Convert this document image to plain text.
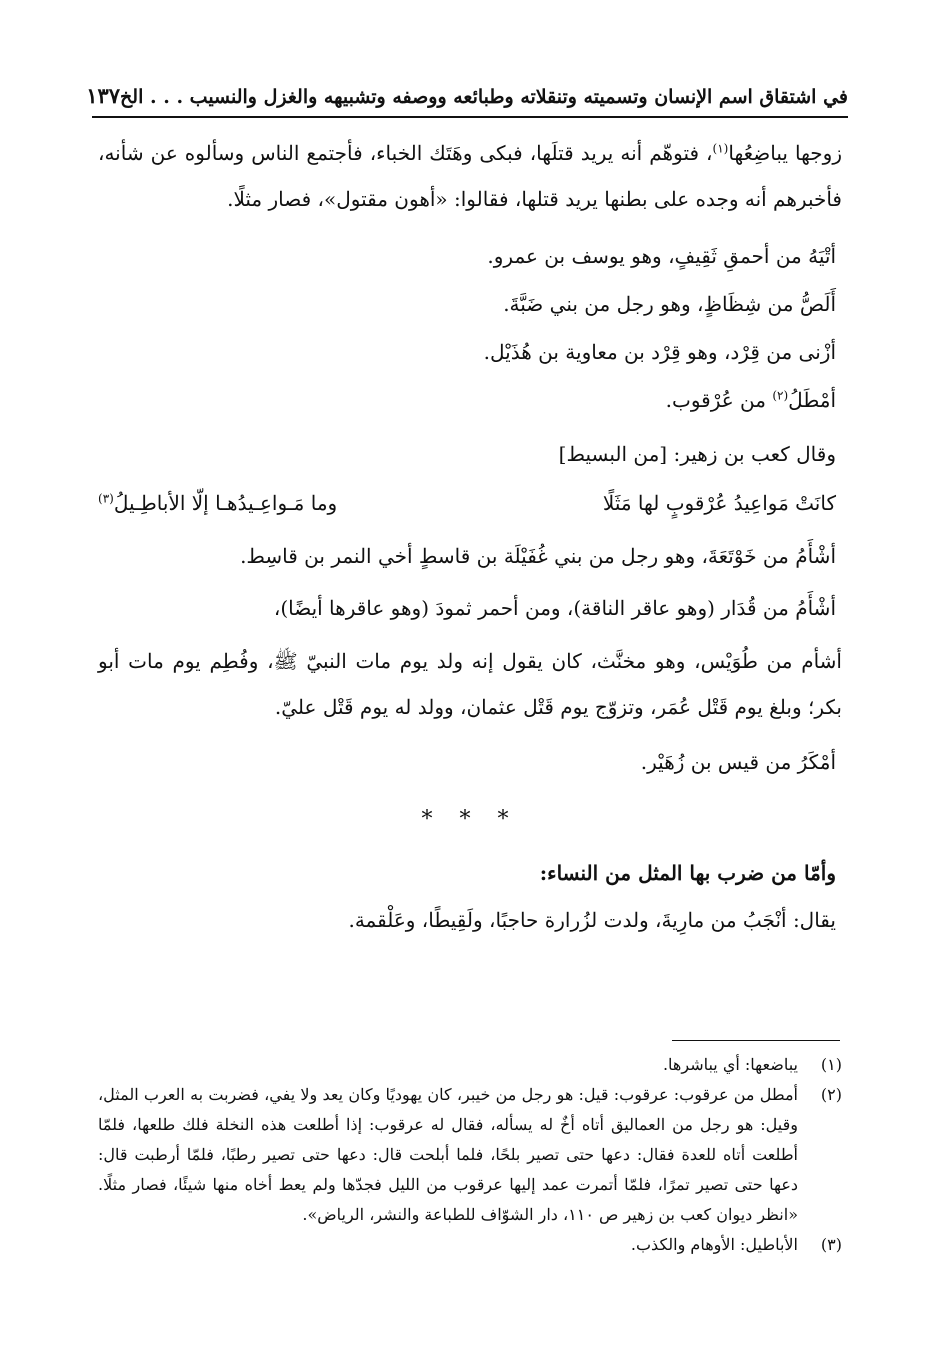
في اشتقاق اسم الإنسان وتسميته وتنقلاته وطبائعه ووصفه وتشبيهه والغزل والنسيب . . . الخ
١٣٧

زوجها يباضِعُها$^{(١)}$، فتوهّم أنه يريد قتلَها، فبكى وهَتَك الخباء، فأجتمع الناس وسألوه عن شأنه، فأخبرهم أنه وجده على بطنها يريد قتلها، فقالوا: «أهون مقتول»، فصار مثلًا.

أتْيَهُ من أحمقِ ثَقِيفٍ، وهو يوسف بن عمرو.

أَلَصُّ من شِظَاظٍ، وهو رجل من بني ضَبَّةَ.

أزْنى من قِرْد، وهو قِرْد بن معاوية بن هُذَيْل.

أمْطَلُ$^{(٢)}$ من عُرْقوب.

وقال كعب بن زهير: [من البسيط]

كانَتْ مَواعِيدُ عُرْقوبٍ لها مَثَلًا
وما مَـواعِـيدُهـا إلّا الأباطِـيلُ$^{(٣)}$

أشْأَمُ من خَوْتَعَةَ، وهو رجل من بني غُفَيْلَة بن قاسطٍ أخي النمر بن قاسِط.

أشْأَمُ من قُدَار (وهو عاقر الناقة)، ومن أحمر ثمودَ (وهو عاقرها أيضًا)،

أشأم من طُوَيْس، وهو مخنَّث، كان يقول إنه ولد يوم مات النبيّ ﷺ، وفُطِم يوم مات أبو بكر؛ وبلغ يوم قَتْل عُمَر، وتزوّج يوم قَتْل عثمان، وولد له يوم قَتْل عليّ.

أمْكَرُ من قيس بن زُهَيْر.

* * *
وأمّا من ضرب بها المثل من النساء:

يقال: أنْجَبُ من مارِيةَ، ولدت لزُرارة حاجبًا، ولَقِيطًا، وعَلْقمة.

(١)
يباضعها: أي يباشرها.
(٢)
أمطل من عرقوب: عرقوب: قيل: هو رجل من خيبر، كان يهوديًا وكان يعد ولا يفي، فضربت به العرب المثل، وقيل: هو رجل من العماليق أتاه أخٌ له يسأله، فقال له عرقوب: إذا أطلعت هذه النخلة فلك طلعها، فلمّا أطلعت أتاه للعدة فقال: دعها حتى تصير بلحًا، فلما أبلحت قال: دعها حتى تصير رطبًا، فلمّا أرطبت قال: دعها حتى تصير تمرًا، فلمّا أتمرت عمد إليها عرقوب من الليل فجدّها ولم يعط أخاه منها شيئًا، فصار مثلًا. «انظر ديوان كعب بن زهير ص ١١٠، دار الشوّاف للطباعة والنشر، الرياض».
(٣)
الأباطيل: الأوهام والكذب.
